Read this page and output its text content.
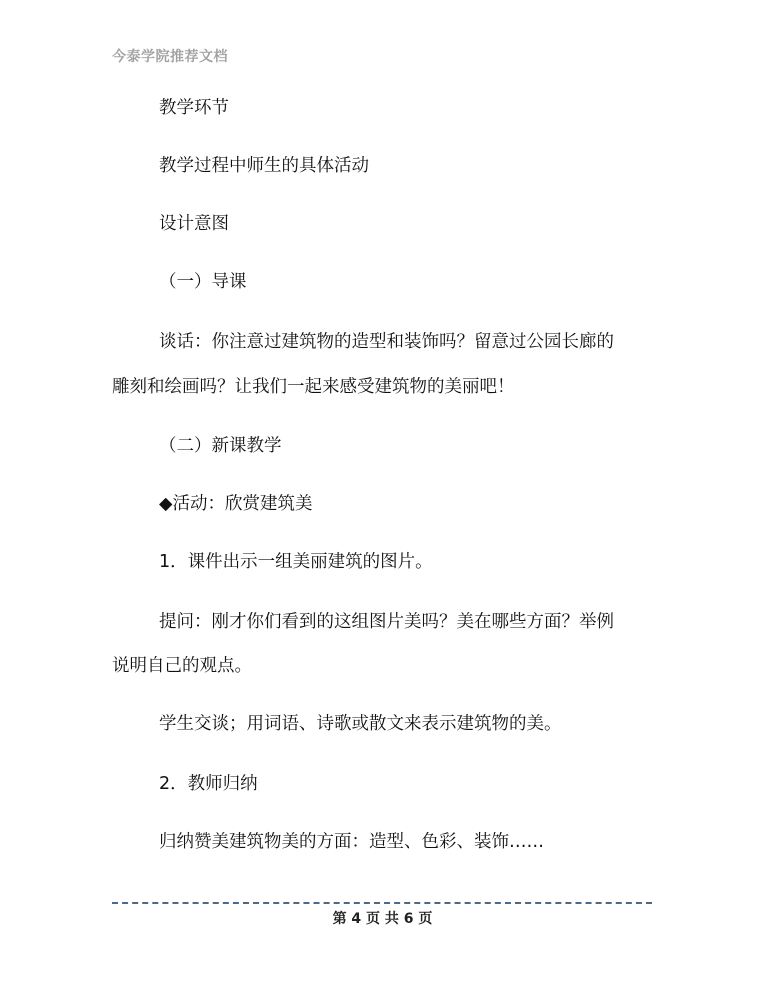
今泰学院推荐文档
教学环节
教学过程中师生的具体活动
设计意图
（一）导课
谈话：你注意过建筑物的造型和装饰吗？留意过公园长廊的
雕刻和绘画吗？让我们一起来感受建筑物的美丽吧！
（二）新课教学
◆活动：欣赏建筑美
1．课件出示一组美丽建筑的图片。
提问：刚才你们看到的这组图片美吗？美在哪些方面？举例
说明自己的观点。
学生交谈；用词语、诗歌或散文来表示建筑物的美。
2．教师归纳
归纳赞美建筑物美的方面：造型、色彩、装饰……
第 4 页 共 6 页
